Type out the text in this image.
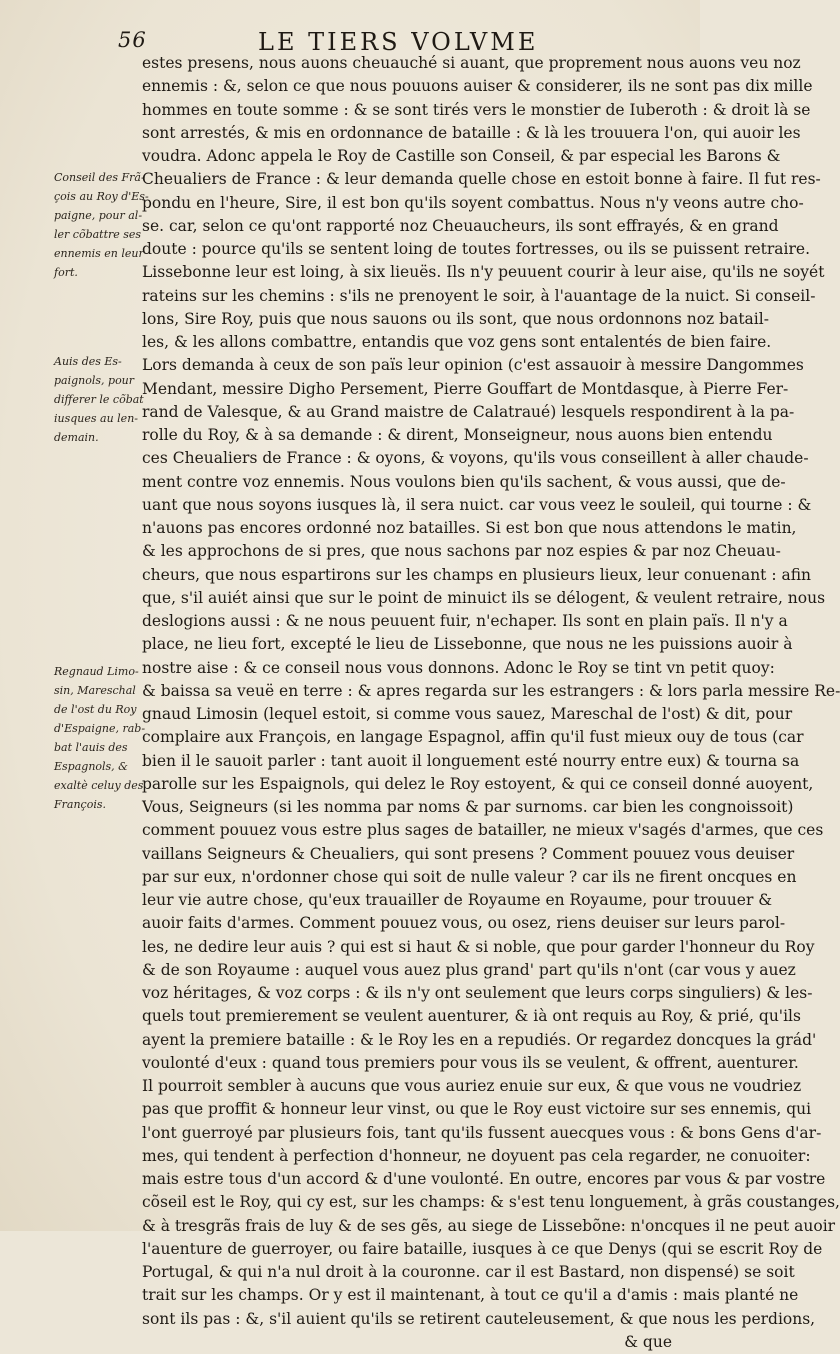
56	LE TIERS VOLVME
Conseil des Frã-
çois au Roy d'Es-
paigne, pour al-
ler cõbattre ses
ennemis en leur
fort.
Auis des Es-
paignols, pour
differer le cõbat
iusques au len-
demain.
Regnaud Limo-
sin, Mareschal
de l'ost du Roy
d'Espaigne, rab-
bat l'auis des
Espagnols, &
exaltè celuy des
François.
estes presens, nous auons cheuauché si auant, que proprement nous auons veu noz
ennemis : &, selon ce que nous pouuons auiser & considerer, ils ne sont pas dix mille
hommes en toute somme : & se sont tirés vers le monstier de Iuberoth : & droit là se
sont arrestés, & mis en ordonnance de bataille : & là les trouuera l'on, qui auoir les
voudra. Adonc appela le Roy de Castille son Conseil, & par especial les Barons &
Cheualiers de France : & leur demanda quelle chose en estoit bonne à faire. Il fut res-
pondu en l'heure, Sire, il est bon qu'ils soyent combattus. Nous n'y veons autre cho-
se. car, selon ce qu'ont rapporté noz Cheuaucheurs, ils sont effrayés, & en grand
doute : pource qu'ils se sentent loing de toutes fortresses, ou ils se puissent retraire.
Lissebonne leur est loing, à six lieuës. Ils n'y peuuent courir à leur aise, qu'ils ne soyét
rateins sur les chemins : s'ils ne prenoyent le soir, à l'auantage de la nuict. Si conseil-
lons, Sire Roy, puis que nous sauons ou ils sont, que nous ordonnons noz batail-
les, & les allons combattre, entandis que voz gens sont entalentés de bien faire.
Lors demanda à ceux de son païs leur opinion (c'est assauoir à messire Dangommes
Mendant, messire Digho Persement, Pierre Gouffart de Montdasque, à Pierre Fer-
rand de Valesque, & au Grand maistre de Calatraué) lesquels respondirent à la pa-
rolle du Roy, & à sa demande : & dirent, Monseigneur, nous auons bien entendu
ces Cheualiers de France : & oyons, & voyons, qu'ils vous conseillent à aller chaude-
ment contre voz ennemis. Nous voulons bien qu'ils sachent, & vous aussi, que de-
uant que nous soyons iusques là, il sera nuict. car vous veez le souleil, qui tourne : &
n'auons pas encores ordonné noz batailles. Si est bon que nous attendons le matin,
& les approchons de si pres, que nous sachons par noz espies & par noz Cheuau-
cheurs, que nous espartirons sur les champs en plusieurs lieux, leur conuenant : afin
que, s'il auiét ainsi que sur le point de minuict ils se délogent, & veulent retraire, nous
deslogions aussi : & ne nous peuuent fuir, n'echaper. Ils sont en plain païs. Il n'y a
place, ne lieu fort, excepté le lieu de Lissebonne, que nous ne les puissions auoir à
nostre aise : & ce conseil nous vous donnons. Adonc le Roy se tint vn petit quoy:
& baissa sa veuë en terre : & apres regarda sur les estrangers : & lors parla messire Re-
gnaud Limosin (lequel estoit, si comme vous sauez, Mareschal de l'ost) & dit, pour
complaire aux François, en langage Espagnol, affin qu'il fust mieux ouy de tous (car
bien il le sauoit parler : tant auoit il longuement esté nourry entre eux) & tourna sa
parolle sur les Espaignols, qui delez le Roy estoyent, & qui ce conseil donné auoyent,
Vous, Seigneurs (si les nomma par noms & par surnoms. car bien les congnoissoit)
comment pouuez vous estre plus sages de batailler, ne mieux v'sagés d'armes, que ces
vaillans Seigneurs & Cheualiers, qui sont presens ? Comment pouuez vous deuiser
par sur eux, n'ordonner chose qui soit de nulle valeur ? car ils ne firent oncques en
leur vie autre chose, qu'eux trauailler de Royaume en Royaume, pour trouuer &
auoir faits d'armes. Comment pouuez vous, ou osez, riens deuiser sur leurs parol-
les, ne dedire leur auis ? qui est si haut & si noble, que pour garder l'honneur du Roy
& de son Royaume : auquel vous auez plus grand' part qu'ils n'ont (car vous y auez
voz héritages, & voz corps : & ils n'y ont seulement que leurs corps singuliers) & les-
quels tout premierement se veulent auenturer, & ià ont requis au Roy, & prié, qu'ils
ayent la premiere bataille : & le Roy les en a repudiés. Or regardez doncques la grád'
voulonté d'eux : quand tous premiers pour vous ils se veulent, & offrent, auenturer.
Il pourroit sembler à aucuns que vous auriez enuie sur eux, & que vous ne voudriez
pas que proffit & honneur leur vinst, ou que le Roy eust victoire sur ses ennemis, qui
l'ont guerroyé par plusieurs fois, tant qu'ils fussent auecques vous : & bons Gens d'ar-
mes, qui tendent à perfection d'honneur, ne doyuent pas cela regarder, ne conuoiter:
mais estre tous d'un accord & d'une voulonté. En outre, encores par vous & par vostre
cõseil est le Roy, qui cy est, sur les champs: & s'est tenu longuement, à grãs coustanges,
& à tresgrãs frais de luy & de ses gẽs, au siege de Lissebõne: n'oncques il ne peut auoir
l'auenture de guerroyer, ou faire bataille, iusques à ce que Denys (qui se escrit Roy de
Portugal, & qui n'a nul droit à la couronne. car il est Bastard, non dispensé) se soit
trait sur les champs. Or y est il maintenant, à tout ce qu'il a d'amis : mais planté ne
sont ils pas : &, s'il auient qu'ils se retirent cauteleusement, & que nous les perdions,
& que
